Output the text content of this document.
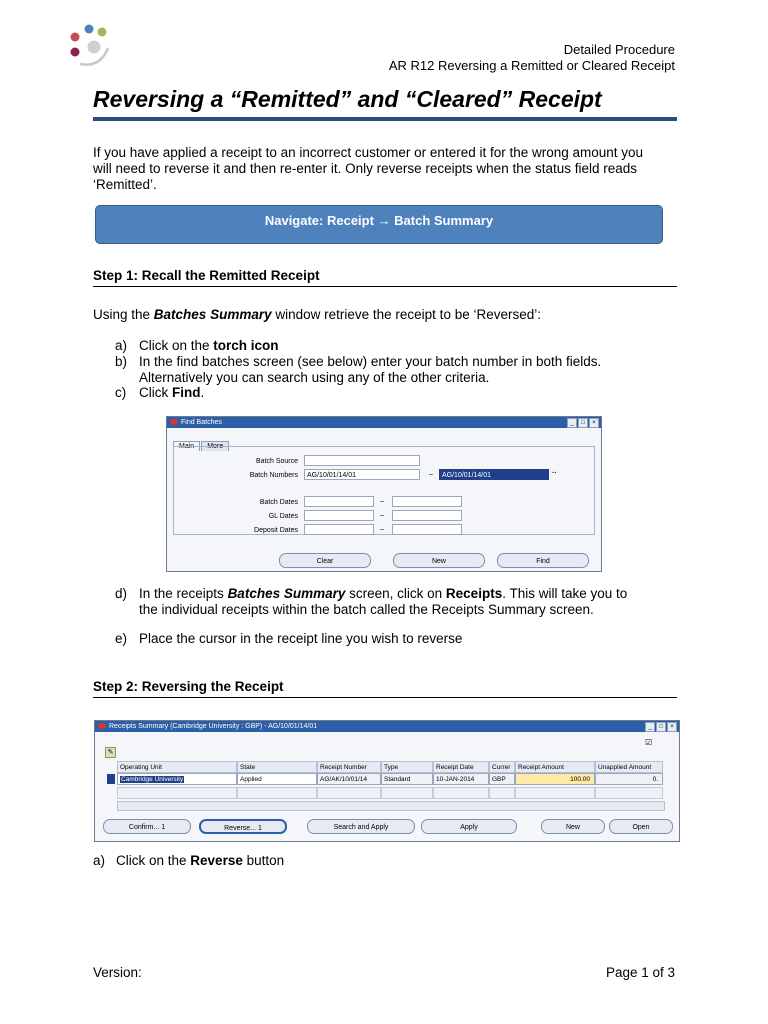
Detailed Procedure
AR R12 Reversing a Remitted or Cleared Receipt
Reversing a “Remitted” and “Cleared” Receipt
If you have applied a receipt to an incorrect customer or entered it for the wrong amount you
will need to reverse it and then re-enter it. Only reverse receipts when the status field reads
‘Remitted’.
Navigate: Receipt → Batch Summary
Step 1: Recall the Remitted Receipt
Using the Batches Summary window retrieve the receipt to be ‘Reversed’:
a) Click on the torch icon
b) In the find batches screen (see below) enter your batch number in both fields.
Alternatively you can search using any of the other criteria.
c) Click Find.
Find Batches	_ □ ×
Main More
Batch Source
Batch Numbers	AG/10/01/14/01	–	AG/10/01/14/01	··
Batch Dates	–
GL Dates	–
Deposit Dates	–
Clear	New	Find
d) In the receipts Batches Summary screen, click on Receipts. This will take you to
the individual receipts within the batch called the Receipts Summary screen.
e) Place the cursor in the receipt line you wish to reverse
Step 2: Reversing the Receipt
Receipts Summary (Cambridge University : GBP) - AG/10/01/14/01	_ □ ×
✎
☑
Operating Unit	State	Receipt Number	Type	Receipt Date	Currer	Receipt Amount	Unapplied Amount
Cambridge University	Applied	AG/AK/10/01/14	Standard	10-JAN-2014	GBP	100.00	0.
Confirm... 1	Reverse... 1	Search and Apply	Apply	New	Open
a) Click on the Reverse button
Version:	Page 1 of 3
